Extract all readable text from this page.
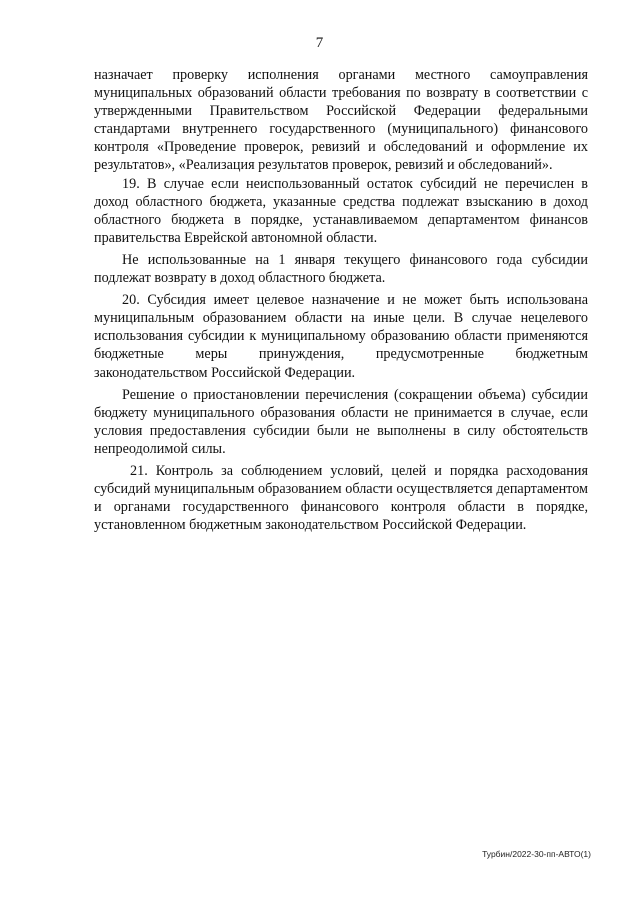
7

назначает проверку исполнения органами местного самоуправления муниципальных образований области требования по возврату в соответствии с утвержденными Правительством Российской Федерации федеральными стандартами внутреннего государственного (муниципального) финансового контроля «Проведение проверок, ревизий и обследований и оформление их результатов», «Реализация результатов проверок, ревизий и обследований».

19. В случае если неиспользованный остаток субсидий не перечислен в доход областного бюджета, указанные средства подлежат взысканию в доход областного бюджета в порядке, устанавливаемом департаментом финансов правительства Еврейской автономной области.

Не использованные на 1 января текущего финансового года субсидии подлежат возврату в доход областного бюджета.

20. Субсидия имеет целевое назначение и не может быть использована муниципальным образованием области на иные цели. В случае нецелевого использования субсидии к муниципальному образованию области применяются бюджетные меры принуждения, предусмотренные бюджетным законодательством Российской Федерации.

Решение о приостановлении перечисления (сокращении объема) субсидии бюджету муниципального образования области не принимается в случае, если условия предоставления субсидии были не выполнены в силу обстоятельств непреодолимой силы.

21. Контроль за соблюдением условий, целей и порядка расходования субсидий муниципальным образованием области осуществляется департаментом и органами государственного финансового контроля области в порядке, установленном бюджетным законодательством Российской Федерации.

Турбин/2022-30-пп-АВТО(1)
